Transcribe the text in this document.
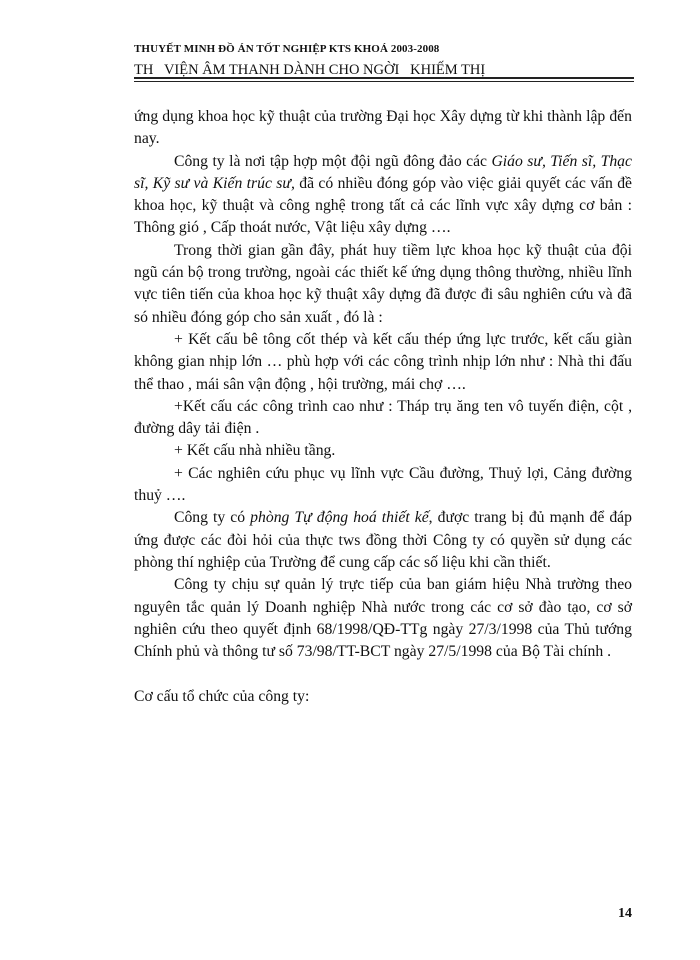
THUYẾT MINH ĐỒ ÁN TỐT NGHIỆP KTS KHOÁ 2003-2008
TH   VIỆN ÂM THANH DÀNH CHO NGỜI   KHIẾM THỊ

ứng dụng khoa học kỹ thuật của trường Đại học Xây dựng từ khi thành lập đến nay.

Công ty là nơi tập hợp một đội ngũ đông đảo các Giáo sư, Tiến sĩ, Thạc sĩ, Kỹ sư và Kiến trúc sư, đã có nhiều đóng góp vào việc giải quyết các vấn đề khoa học, kỹ thuật và công nghệ trong tất cả các lĩnh vực xây dựng cơ bản : Thông gió , Cấp thoát nước, Vật liệu xây dựng ….

Trong thời gian gần đây, phát huy tiềm lực khoa học kỹ thuật của đội ngũ cán bộ trong trường, ngoài các thiết kế ứng dụng thông thường, nhiều lĩnh vực tiên tiến của khoa học kỹ thuật xây dựng đã được đi sâu nghiên cứu và đã só nhiều đóng góp cho sản xuất , đó là :

+ Kết cấu bê tông cốt thép và kết cấu thép ứng lực trước, kết cấu giàn không gian nhịp lớn … phù hợp với các công trình nhịp lớn như : Nhà thi đấu thể thao , mái sân vận động , hội trường, mái chợ ….

+Kết cấu các công trình cao như : Tháp trụ ăng ten vô tuyến điện, cột , đường dây tải điện .

+ Kết cấu nhà nhiều tầng.

+ Các nghiên cứu phục vụ lĩnh vực Cầu đường, Thuỷ lợi, Cảng đường thuỷ ….

Công ty có phòng Tự động hoá thiết kế, được trang bị đủ mạnh để đáp ứng được các đòi hỏi của thực tws đồng thời Công ty có quyền sử dụng các phòng thí nghiệp của Trường để cung cấp các số liệu khi cần thiết.

Công ty chịu sự quản lý trực tiếp của ban giám hiệu Nhà trường theo nguyên tắc quản lý Doanh nghiệp Nhà nước trong các cơ sở đào tạo, cơ sở nghiên cứu theo quyết định 68/1998/QĐ-TTg ngày 27/3/1998 của Thủ tướng Chính phủ và thông tư số 73/98/TT-BCT ngày 27/5/1998 của Bộ Tài chính .

Cơ cấu tổ chức của công ty:

14
